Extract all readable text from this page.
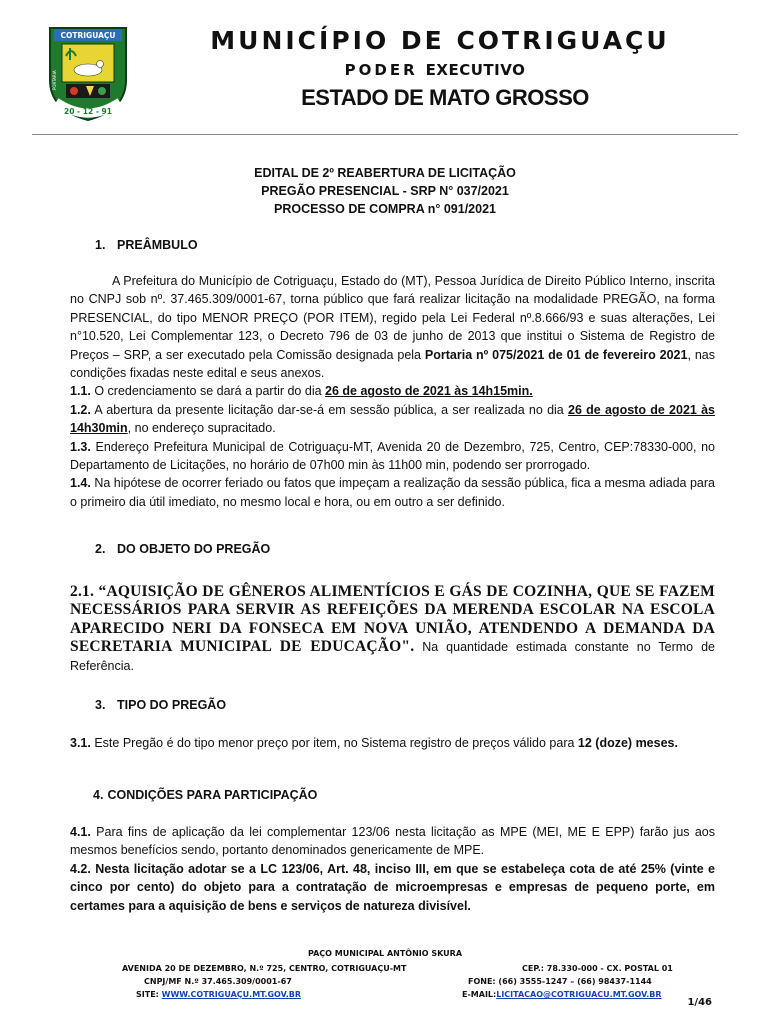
COTRIGUAÇU
20 - 12 - 91
PORTARIA
MUNICÍPIO DE COTRIGUAÇU
PODER EXECUTIVO
ESTADO DE MATO GROSSO
EDITAL DE 2º REABERTURA DE LICITAÇÃO
PREGÃO PRESENCIAL - SRP N° 037/2021
PROCESSO DE COMPRA n° 091/2021
1. PREÂMBULO

A Prefeitura do Município de Cotriguaçu, Estado do (MT), Pessoa Jurídica de Direito Público Interno, inscrita no CNPJ sob nº. 37.465.309/0001-67, torna público que fará realizar licitação na modalidade PREGÃO, na forma PRESENCIAL, do tipo MENOR PREÇO (POR ITEM), regido pela Lei Federal nº.8.666/93 e suas alterações, Lei n°10.520, Lei Complementar 123, o Decreto 796 de 03 de junho de 2013 que institui o Sistema de Registro de Preços – SRP, a ser executado pela Comissão designada pela Portaria nº 075/2021 de 01 de fevereiro 2021, nas condições fixadas neste edital e seus anexos.

1.1. O credenciamento se dará a partir do dia 26 de agosto de 2021 às 14h15min.

1.2. A abertura da presente licitação dar-se-á em sessão pública, a ser realizada no dia 26 de agosto de 2021 às 14h30min, no endereço supracitado.

1.3. Endereço Prefeitura Municipal de Cotriguaçu-MT, Avenida 20 de Dezembro, 725, Centro, CEP:78330-000, no Departamento de Licitações, no horário de 07h00 min às 11h00 min, podendo ser prorrogado.

1.4. Na hipótese de ocorrer feriado ou fatos que impeçam a realização da sessão pública, fica a mesma adiada para o primeiro dia útil imediato, no mesmo local e hora, ou em outro a ser definido.

2. DO OBJETO DO PREGÃO

2.1. “AQUISIÇÃO DE GÊNEROS ALIMENTÍCIOS E GÁS DE COZINHA, QUE SE FAZEM NECESSÁRIOS PARA SERVIR AS REFEIÇÕES DA MERENDA ESCOLAR NA ESCOLA APARECIDO NERI DA FONSECA EM NOVA UNIÃO, ATENDENDO A DEMANDA DA SECRETARIA MUNICIPAL DE EDUCAÇÃO". Na quantidade estimada constante no Termo de Referência.

3. TIPO DO PREGÃO

3.1. Este Pregão é do tipo menor preço por item, no Sistema registro de preços válido para 12 (doze) meses.

4. CONDIÇÕES PARA PARTICIPAÇÃO

4.1. Para fins de aplicação da lei complementar 123/06 nesta licitação as MPE (MEI, ME E EPP) farão jus aos mesmos benefícios sendo, portanto denominados genericamente de MPE.

4.2. Nesta licitação adotar se a LC 123/06, Art. 48, inciso III, em que se estabeleça cota de até 25% (vinte e cinco por cento) do objeto para a contratação de microempresas e empresas de pequeno porte, em certames para a aquisição de bens e serviços de natureza divisível.

PAÇO MUNICIPAL ANTÔNIO SKURA
AVENIDA 20 DE DEZEMBRO, N.º 725, CENTRO, COTRIGUAÇU-MT
CNPJ/MF N.º 37.465.309/0001-67
SITE: WWW.COTRIGUAÇU.MT.GOV.BR
CEP.: 78.330-000 - CX. POSTAL 01
FONE: (66) 3555-1247 – (66) 98437-1144
E-MAIL:LICITACAO@COTRIGUACU.MT.GOV.BR
1/46
